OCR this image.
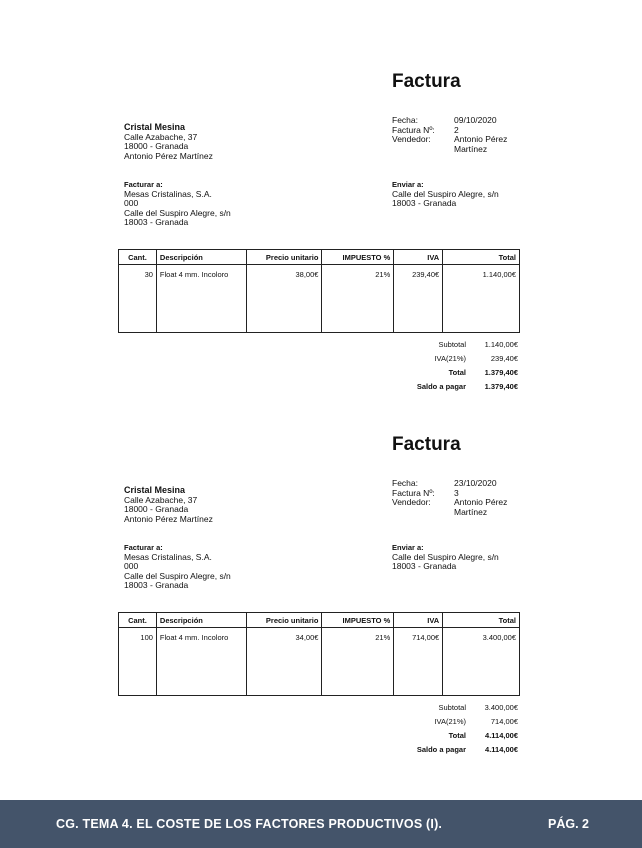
Factura
Fecha:	09/10/2020
Factura Nº:	2
Vendedor:	Antonio Pérez
Martínez
Cristal Mesina
Calle Azabache, 37
18000 - Granada
Antonio Pérez Martínez
Facturar a:
Mesas Cristalinas, S.A.
000
Calle del Suspiro Alegre, s/n
18003 - Granada
Enviar a:
Calle del Suspiro Alegre, s/n
18003 - Granada
Cant.	Descripción	Precio unitario	IMPUESTO %	IVA	Total
30	Float 4 mm. Incoloro	38,00€	21%	239,40€	1.140,00€
Subtotal	1.140,00€
IVA(21%)	239,40€
Total	1.379,40€
Saldo a pagar	1.379,40€
Factura
Fecha:	23/10/2020
Factura Nº:	3
Vendedor:	Antonio Pérez
Martínez
Cristal Mesina
Calle Azabache, 37
18000 - Granada
Antonio Pérez Martínez
Facturar a:
Mesas Cristalinas, S.A.
000
Calle del Suspiro Alegre, s/n
18003 - Granada
Enviar a:
Calle del Suspiro Alegre, s/n
18003 - Granada
Cant.	Descripción	Precio unitario	IMPUESTO %	IVA	Total
100	Float 4 mm. Incoloro	34,00€	21%	714,00€	3.400,00€
Subtotal	3.400,00€
IVA(21%)	714,00€
Total	4.114,00€
Saldo a pagar	4.114,00€
CG. TEMA 4. EL COSTE DE LOS FACTORES PRODUCTIVOS (I).	PÁG. 2
